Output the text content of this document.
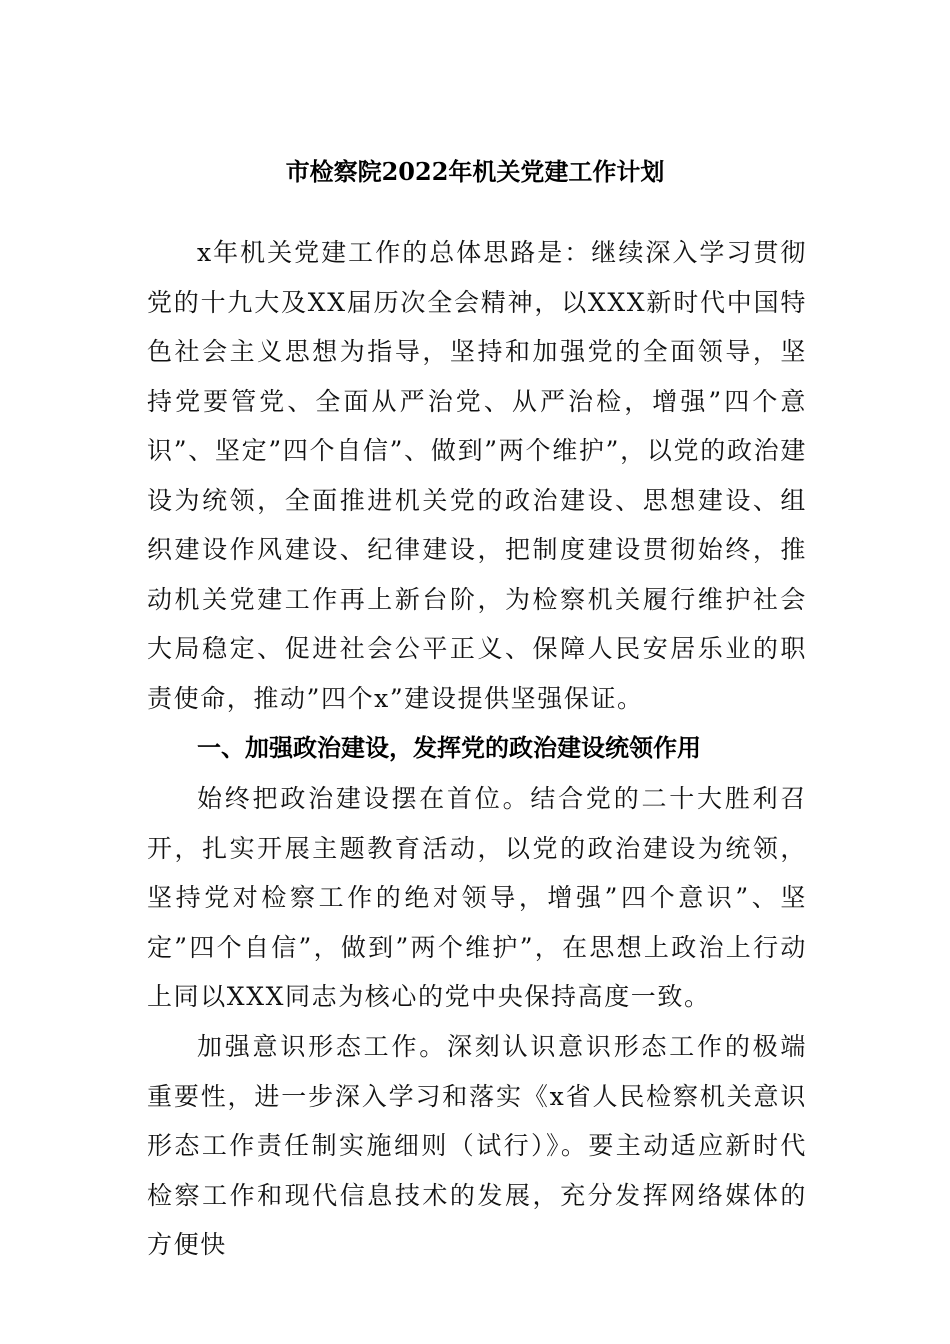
市检察院2022年机关党建工作计划

x年机关党建工作的总体思路是：继续深入学习贯彻党的十九大及XX届历次全会精神，以XXX新时代中国特色社会主义思想为指导，坚持和加强党的全面领导，坚持党要管党、全面从严治党、从严治检，增强”四个意识”、坚定”四个自信”、做到”两个维护”，以党的政治建设为统领，全面推进机关党的政治建设、思想建设、组织建设作风建设、纪律建设，把制度建设贯彻始终，推动机关党建工作再上新台阶，为检察机关履行维护社会大局稳定、促进社会公平正义、保障人民安居乐业的职责使命，推动”四个x”建设提供坚强保证。

一、加强政治建设，发挥党的政治建设统领作用

始终把政治建设摆在首位。结合党的二十大胜利召开，扎实开展主题教育活动，以党的政治建设为统领，坚持党对检察工作的绝对领导，增强”四个意识”、坚定”四个自信”，做到”两个维护”，在思想上政治上行动上同以XXX同志为核心的党中央保持高度一致。

加强意识形态工作。深刻认识意识形态工作的极端重要性，进一步深入学习和落实《x省人民检察机关意识形态工作责任制实施细则（试行）》。要主动适应新时代检察工作和现代信息技术的发展，充分发挥网络媒体的方便快
